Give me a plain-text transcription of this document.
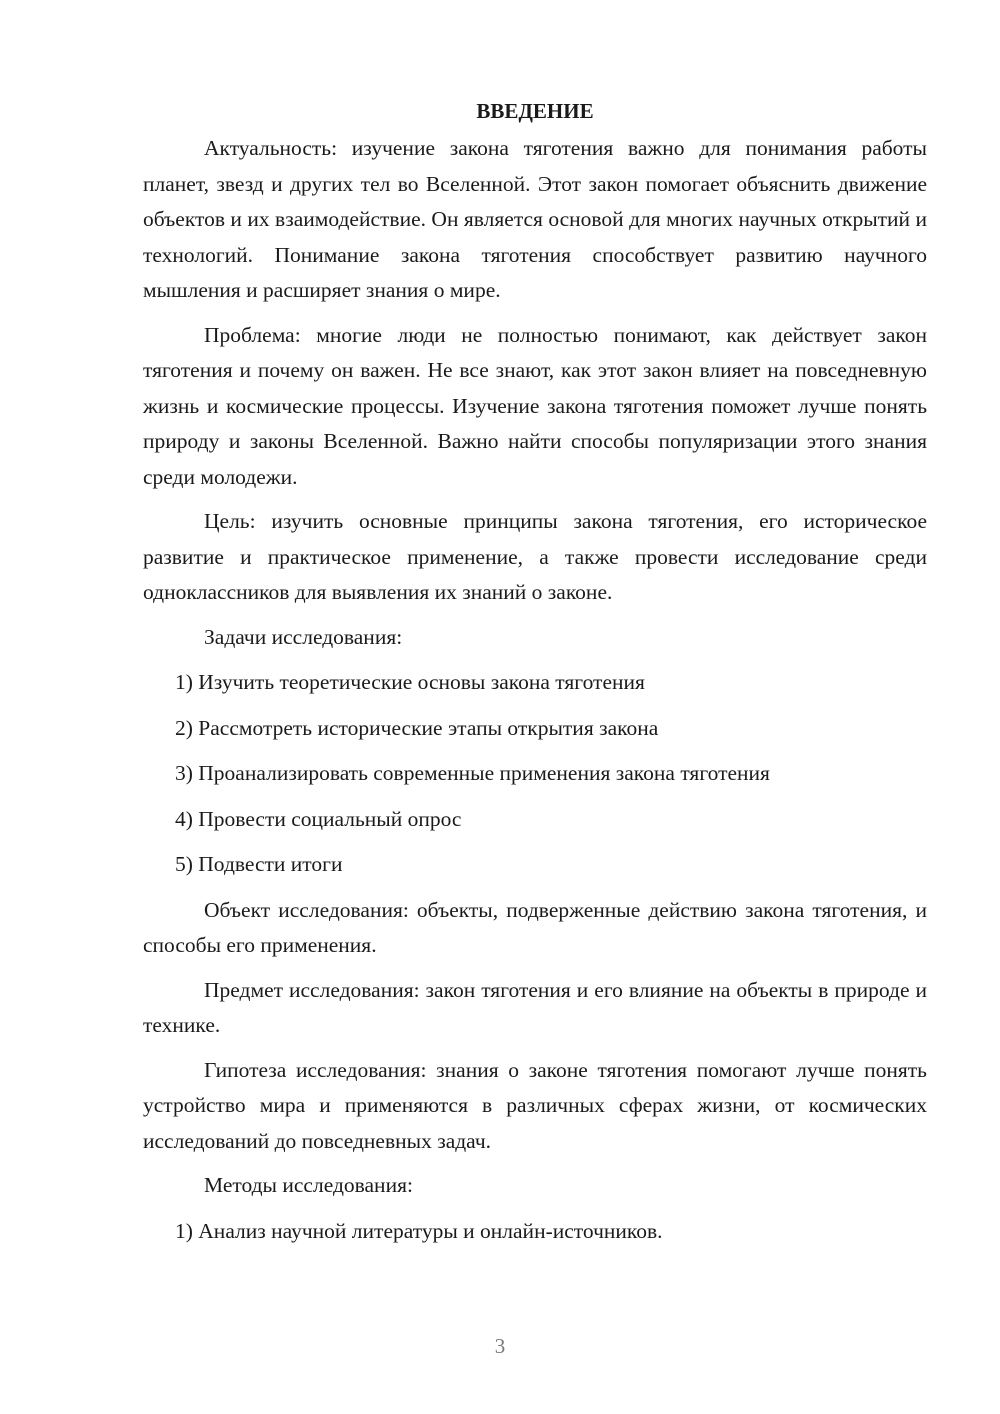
ВВЕДЕНИЕ

Актуальность: изучение закона тяготения важно для понимания работы планет, звезд и других тел во Вселенной. Этот закон помогает объяснить движение объектов и их взаимодействие. Он является основой для многих научных открытий и технологий. Понимание закона тяготения способствует развитию научного мышления и расширяет знания о мире.

Проблема: многие люди не полностью понимают, как действует закон тяготения и почему он важен. Не все знают, как этот закон влияет на повседневную жизнь и космические процессы. Изучение закона тяготения поможет лучше понять природу и законы Вселенной. Важно найти способы популяризации этого знания среди молодежи.

Цель: изучить основные принципы закона тяготения, его историческое развитие и практическое применение, а также провести исследование среди одноклассников для выявления их знаний о законе.

Задачи исследования:

1) Изучить теоретические основы закона тяготения

2) Рассмотреть исторические этапы открытия закона

3) Проанализировать современные применения закона тяготения

4) Провести социальный опрос

5) Подвести итоги

Объект исследования: объекты, подверженные действию закона тяготения, и способы его применения.

Предмет исследования: закон тяготения и его влияние на объекты в природе и технике.

Гипотеза исследования: знания о законе тяготения помогают лучше понять устройство мира и применяются в различных сферах жизни, от космических исследований до повседневных задач.

Методы исследования:

1) Анализ научной литературы и онлайн-источников.

3
